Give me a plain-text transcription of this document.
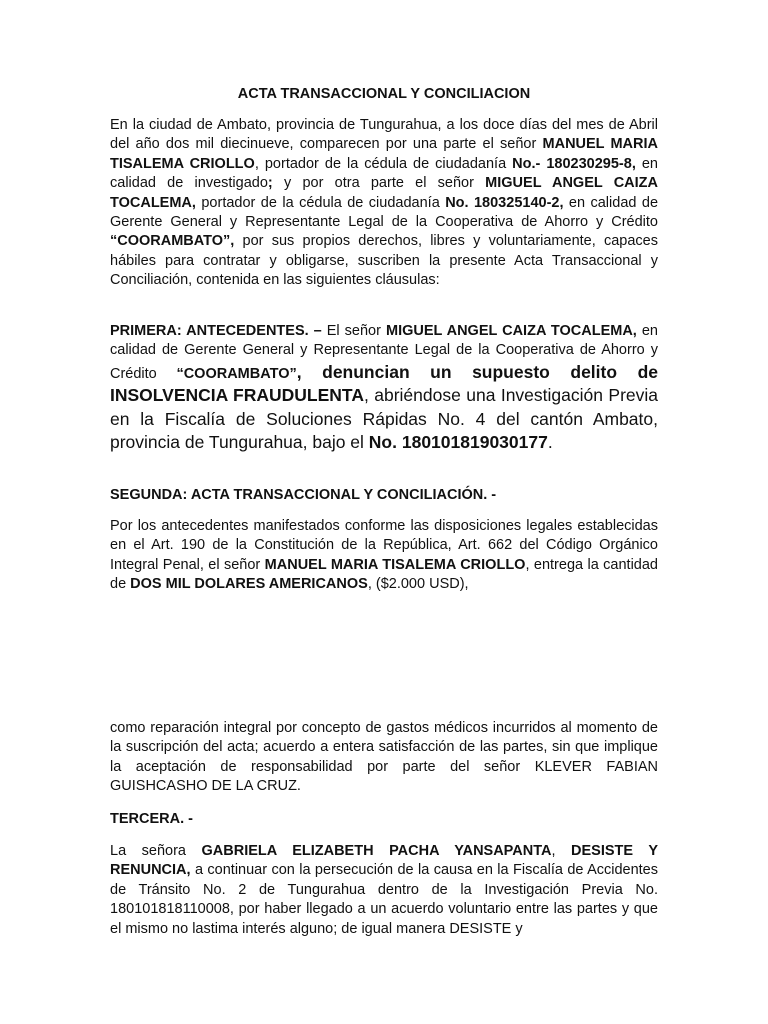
ACTA TRANSACCIONAL Y CONCILIACION

En la ciudad de Ambato, provincia de Tungurahua, a los doce días del mes de Abril del año dos mil diecinueve, comparecen por una parte el señor MANUEL MARIA TISALEMA CRIOLLO, portador de la cédula de ciudadanía No.- 180230295-8, en calidad de investigado; y por otra parte el señor MIGUEL ANGEL CAIZA TOCALEMA, portador de la cédula de ciudadanía No. 180325140-2, en calidad de Gerente General y Representante Legal de la Cooperativa de Ahorro y Crédito “COORAMBATO”, por sus propios derechos, libres y voluntariamente, capaces hábiles para contratar y obligarse, suscriben la presente Acta Transaccional y Conciliación, contenida en las siguientes cláusulas:

PRIMERA: ANTECEDENTES. – El señor MIGUEL ANGEL CAIZA TOCALEMA, en calidad de Gerente General y Representante Legal de la Cooperativa de Ahorro y Crédito “COORAMBATO”, denuncian un supuesto delito de INSOLVENCIA FRAUDULENTA, abriéndose una Investigación Previa en la Fiscalía de Soluciones Rápidas No. 4 del cantón Ambato, provincia de Tungurahua, bajo el No. 180101819030177.

SEGUNDA: ACTA TRANSACCIONAL Y CONCILIACIÓN. -

Por los antecedentes manifestados conforme las disposiciones legales establecidas en el Art. 190 de la Constitución de la República, Art. 662 del Código Orgánico Integral Penal, el señor MANUEL MARIA TISALEMA CRIOLLO, entrega la cantidad de DOS MIL DOLARES AMERICANOS, ($2.000 USD),

como reparación integral por concepto de gastos médicos incurridos al momento de la suscripción del acta; acuerdo a entera satisfacción de las partes, sin que implique la aceptación de responsabilidad por parte del señor KLEVER FABIAN GUISHCASHO DE LA CRUZ.

TERCERA. -

La señora GABRIELA ELIZABETH PACHA YANSAPANTA, DESISTE Y RENUNCIA, a continuar con la persecución de la causa en la Fiscalía de Accidentes de Tránsito No. 2 de Tungurahua dentro de la Investigación Previa No. 180101818110008, por haber llegado a un acuerdo voluntario entre las partes y que el mismo no lastima interés alguno; de igual manera DESISTE y
